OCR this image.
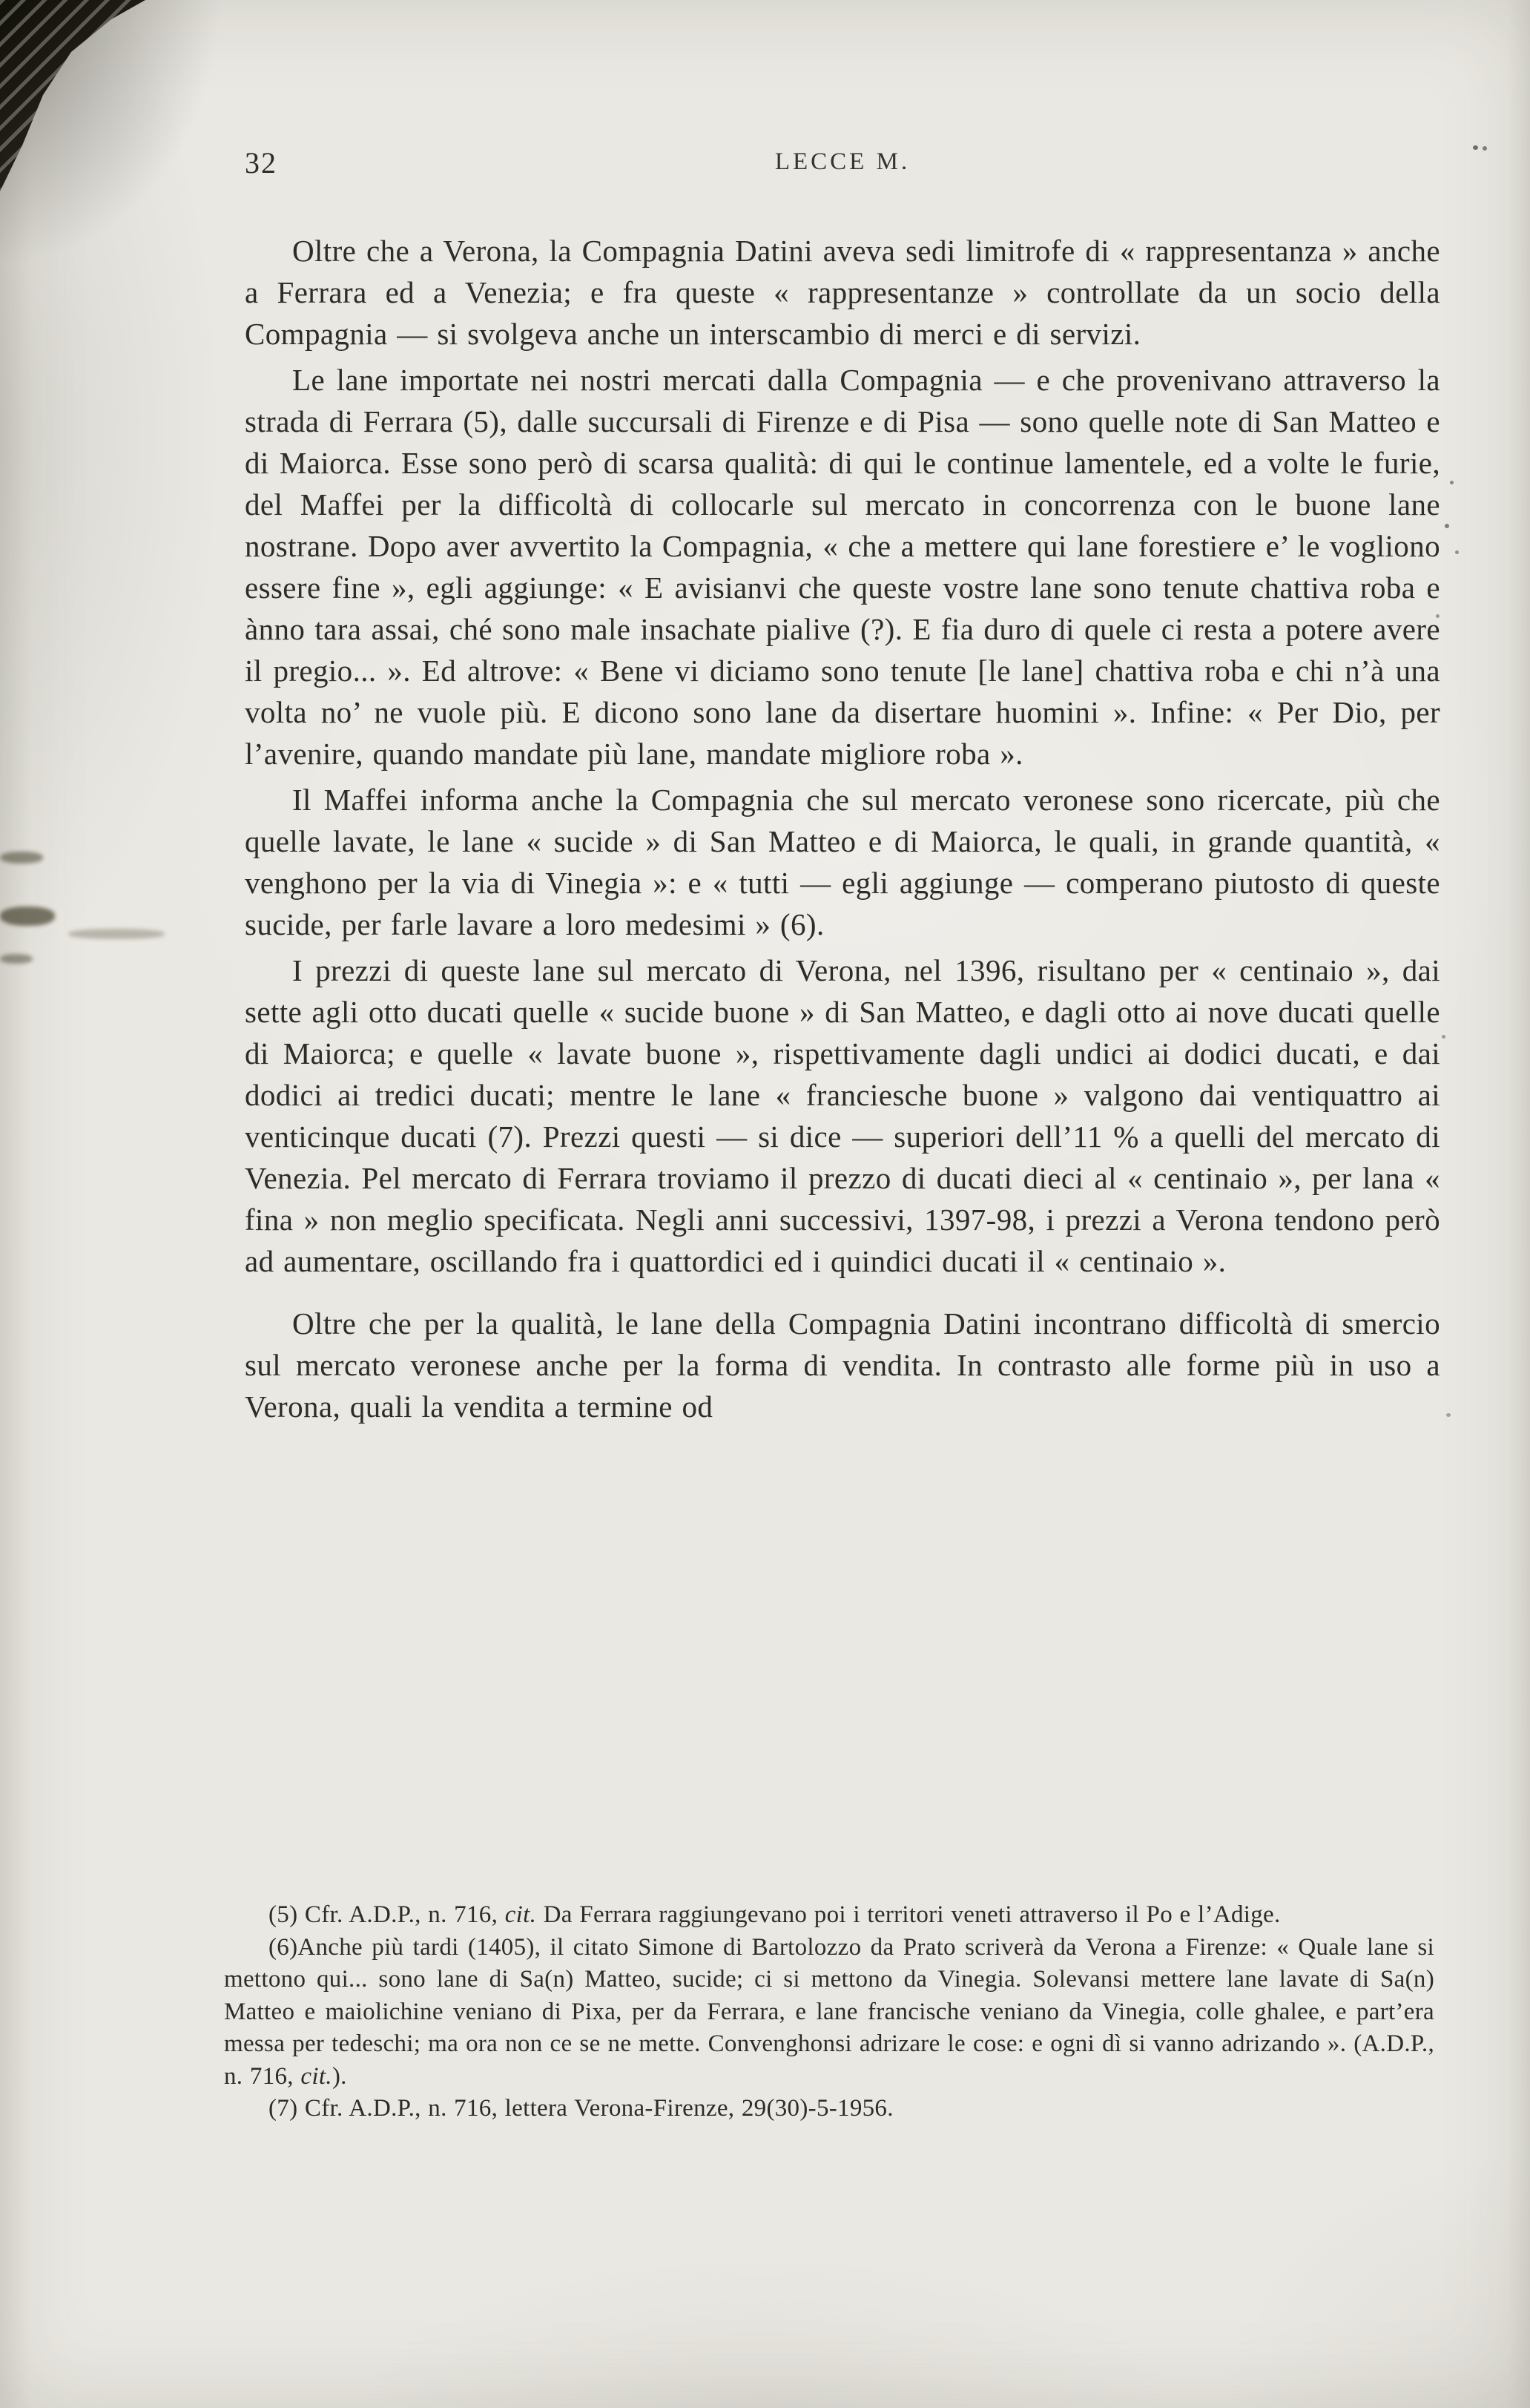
32	LECCE M.

Oltre che a Verona, la Compagnia Datini aveva sedi limitrofe di « rappresentanza » anche a Ferrara ed a Venezia; e fra queste « rappresentanze » controllate da un socio della Compagnia — si svolgeva anche un interscambio di merci e di servizi.

Le lane importate nei nostri mercati dalla Compagnia — e che provenivano attraverso la strada di Ferrara (5), dalle succursali di Firenze e di Pisa — sono quelle note di San Matteo e di Maiorca. Esse sono però di scarsa qualità: di qui le continue lamentele, ed a volte le furie, del Maffei per la difficoltà di collocarle sul mercato in concorrenza con le buone lane nostrane. Dopo aver avvertito la Compagnia, « che a mettere qui lane forestiere e’ le vogliono essere fine », egli aggiunge: « E avisianvi che queste vostre lane sono tenute chattiva roba e ànno tara assai, ché sono male insachate pialive (?). E fia duro di quele ci resta a potere avere il pregio... ». Ed altrove: « Bene vi diciamo sono tenute [le lane] chattiva roba e chi n’à una volta no’ ne vuole più. E dicono sono lane da disertare huomini ». Infine: « Per Dio, per l’avenire, quando mandate più lane, mandate migliore roba ».

Il Maffei informa anche la Compagnia che sul mercato veronese sono ricercate, più che quelle lavate, le lane « sucide » di San Matteo e di Maiorca, le quali, in grande quantità, « venghono per la via di Vinegia »: e « tutti — egli aggiunge — comperano piutosto di queste sucide, per farle lavare a loro medesimi » (6).

I prezzi di queste lane sul mercato di Verona, nel 1396, risultano per « centinaio », dai sette agli otto ducati quelle « sucide buone » di San Matteo, e dagli otto ai nove ducati quelle di Maiorca; e quelle « lavate buone », rispettivamente dagli undici ai dodici ducati, e dai dodici ai tredici ducati; mentre le lane « franciesche buone » valgono dai ventiquattro ai venticinque ducati (7). Prezzi questi — si dice — superiori dell’11 % a quelli del mercato di Venezia. Pel mercato di Ferrara troviamo il prezzo di ducati dieci al « centinaio », per lana « fina » non meglio specificata. Negli anni successivi, 1397-98, i prezzi a Verona tendono però ad aumentare, oscillando fra i quattordici ed i quindici ducati il « centinaio ».

Oltre che per la qualità, le lane della Compagnia Datini incontrano difficoltà di smercio sul mercato veronese anche per la forma di vendita. In contrasto alle forme più in uso a Verona, quali la vendita a termine od

(5) Cfr. A.D.P., n. 716, cit. Da Ferrara raggiungevano poi i territori veneti attraverso il Po e l’Adige.

(6)Anche più tardi (1405), il citato Simone di Bartolozzo da Prato scriverà da Verona a Firenze: « Quale lane si mettono qui... sono lane di Sa(n) Matteo, sucide; ci si mettono da Vinegia. Solevansi mettere lane lavate di Sa(n) Matteo e maiolichine veniano di Pixa, per da Ferrara, e lane francische veniano da Vinegia, colle ghalee, e part’era messa per tedeschi; ma ora non ce se ne mette. Convenghonsi adrizare le cose: e ogni dì si vanno adrizando ». (A.D.P., n. 716, cit.).

(7) Cfr. A.D.P., n. 716, lettera Verona-Firenze, 29(30)-5-1956.
